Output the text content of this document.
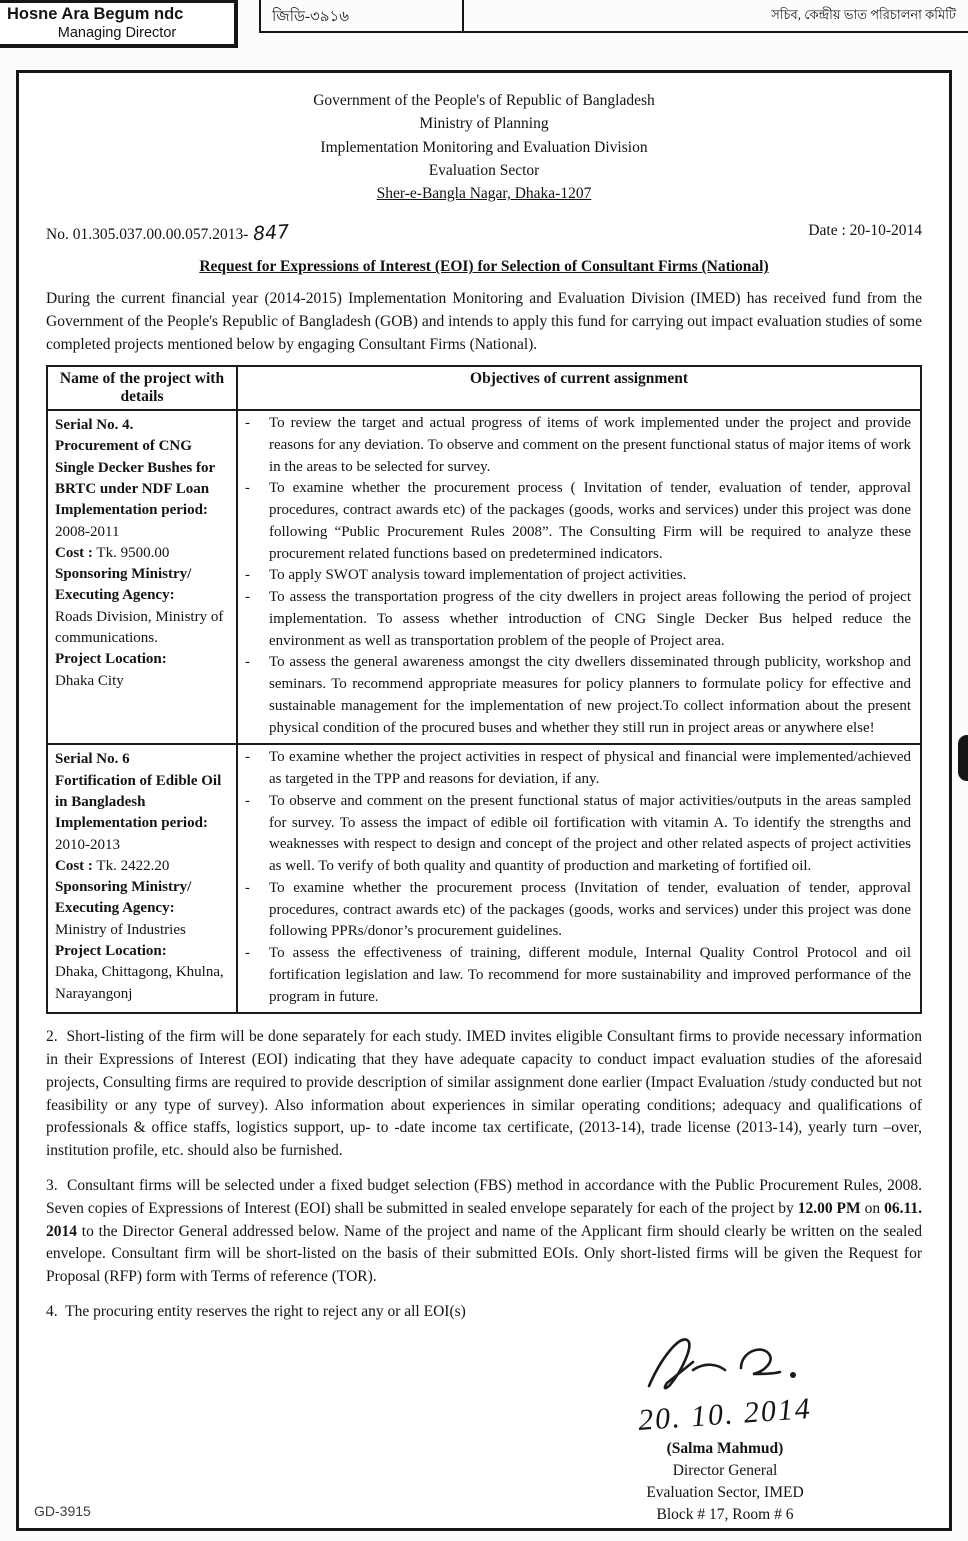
Hosne Ara Begum ndc
Managing Director
জিডি-৩৯১৬	সচিব, কেন্দ্রীয় ভাত পরিচালনা কমিটি
Government of the People's of Republic of Bangladesh
Ministry of Planning
Implementation Monitoring and Evaluation Division
Evaluation Sector
Sher-e-Bangla Nagar, Dhaka-1207
No. 01.305.037.00.00.057.2013- 847	Date : 20-10-2014
Request for Expressions of Interest (EOI) for Selection of Consultant Firms (National)

During the current financial year (2014-2015) Implementation Monitoring and Evaluation Division (IMED) has received fund from the Government of the People's Republic of Bangladesh (GOB) and intends to apply this fund for carrying out impact evaluation studies of some completed projects mentioned below by engaging Consultant Firms (National).

Name of the project with details	Objectives of current assignment

Serial No. 4.
Procurement of CNG Single Decker Bushes for BRTC under NDF Loan
Implementation period: 2008-2011
Cost : Tk. 9500.00
Sponsoring Ministry/ Executing Agency:
Roads Division, Ministry of communications.
Project Location:
Dhaka City

- To review the target and actual progress of items of work implemented under the project and provide reasons for any deviation. To observe and comment on the present functional status of major items of work in the areas to be selected for survey.
- To examine whether the procurement process ( Invitation of tender, evaluation of tender, approval procedures, contract awards etc) of the packages (goods, works and services) under this project was done following “Public Procurement Rules 2008”. The Consulting Firm will be required to analyze these procurement related functions based on predetermined indicators.
- To apply SWOT analysis toward implementation of project activities.
- To assess the transportation progress of the city dwellers in project areas following the period of project implementation. To assess whether introduction of CNG Single Decker Bus helped reduce the environment as well as transportation problem of the people of Project area.
- To assess the general awareness amongst the city dwellers disseminated through publicity, workshop and seminars. To recommend appropriate measures for policy planners to formulate policy for effective and sustainable management for the implementation of new project.To collect information about the present physical condition of the procured buses and whether they still run in project areas or anywhere else!

Serial No. 6
Fortification of Edible Oil in Bangladesh
Implementation period: 2010-2013
Cost : Tk. 2422.20
Sponsoring Ministry/ Executing Agency:
Ministry of Industries
Project Location:
Dhaka, Chittagong, Khulna, Narayangonj

- To examine whether the project activities in respect of physical and financial were implemented/achieved as targeted in the TPP and reasons for deviation, if any.
- To observe and comment on the present functional status of major activities/outputs in the areas sampled for survey. To assess the impact of edible oil fortification with vitamin A. To identify the strengths and weaknesses with respect to design and concept of the project and other related aspects of project activities as well. To verify of both quality and quantity of production and marketing of fortified oil.
- To examine whether the procurement process (Invitation of tender, evaluation of tender, approval procedures, contract awards etc) of the packages (goods, works and services) under this project was done following PPRs/donor’s procurement guidelines.
- To assess the effectiveness of training, different module, Internal Quality Control Protocol and oil fortification legislation and law. To recommend for more sustainability and improved performance of the program in future.

2.  Short-listing of the firm will be done separately for each study. IMED invites eligible Consultant firms to provide necessary information in their Expressions of Interest (EOI) indicating that they have adequate capacity to conduct impact evaluation studies of the aforesaid projects, Consulting firms are required to provide description of similar assignment done earlier (Impact Evaluation /study conducted but not feasibility or any type of survey). Also information about experiences in similar operating conditions; adequacy and qualifications of professionals & office staffs, logistics support, up- to -date income tax certificate, (2013-14), trade license (2013-14), yearly turn –over, institution profile, etc. should also be furnished.

3.  Consultant firms will be selected under a fixed budget selection (FBS) method in accordance with the Public Procurement Rules, 2008. Seven copies of Expressions of Interest (EOI) shall be submitted in sealed envelope separately for each of the project by 12.00 PM on 06.11. 2014 to the Director General addressed below. Name of the project and name of the Applicant firm should clearly be written on the sealed envelope. Consultant firm will be short-listed on the basis of their submitted EOIs. Only short-listed firms will be given the Request for Proposal (RFP) form with Terms of reference (TOR).

4.  The procuring entity reserves the right to reject any or all EOI(s)

20. 10. 2014
(Salma Mahmud)
Director General
Evaluation Sector, IMED
Block # 17, Room # 6
GD-3915
